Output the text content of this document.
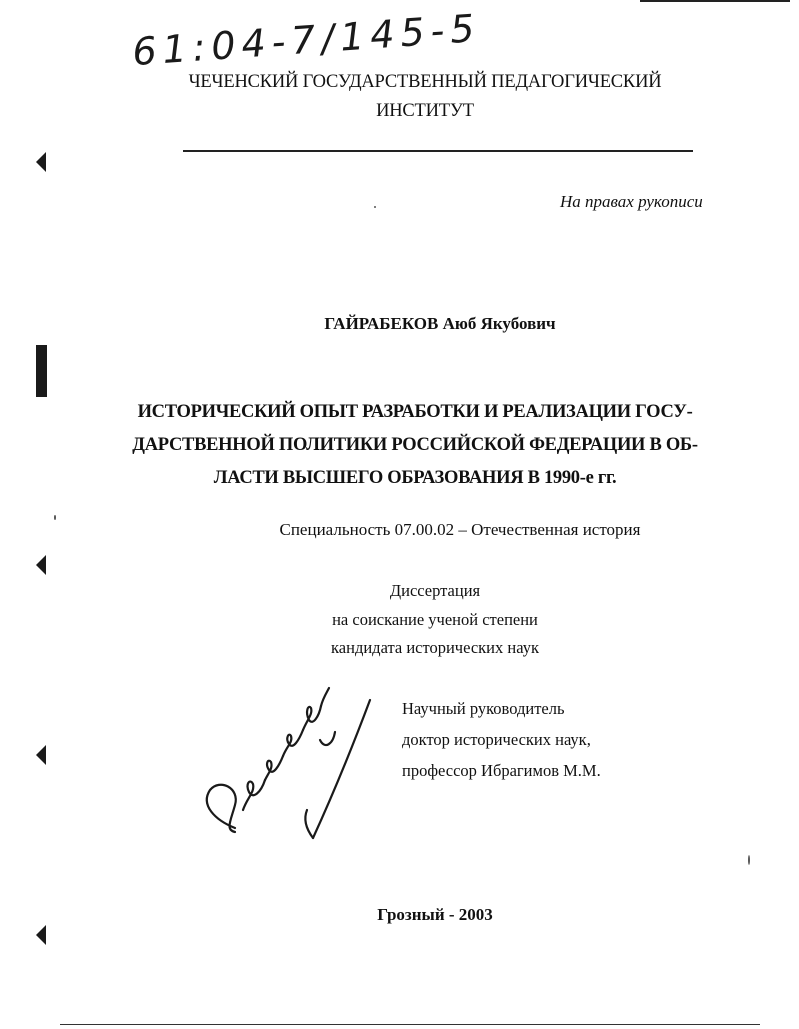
61:04-7/145-5
ЧЕЧЕНСКИЙ ГОСУДАРСТВЕННЫЙ ПЕДАГОГИЧЕСКИЙ
ИНСТИТУТ
На правах рукописи
ГАЙРАБЕКОВ Аюб Якубович
ИСТОРИЧЕСКИЙ ОПЫТ РАЗРАБОТКИ И РЕАЛИЗАЦИИ ГОСУ-
ДАРСТВЕННОЙ ПОЛИТИКИ РОССИЙСКОЙ ФЕДЕРАЦИИ В ОБ-
ЛАСТИ ВЫСШЕГО ОБРАЗОВАНИЯ В 1990-е гг.
Специальность 07.00.02 – Отечественная история
Диссертация
на соискание ученой степени
кандидата исторических наук
Научный руководитель
доктор исторических наук,
профессор Ибрагимов М.М.
Грозный - 2003
